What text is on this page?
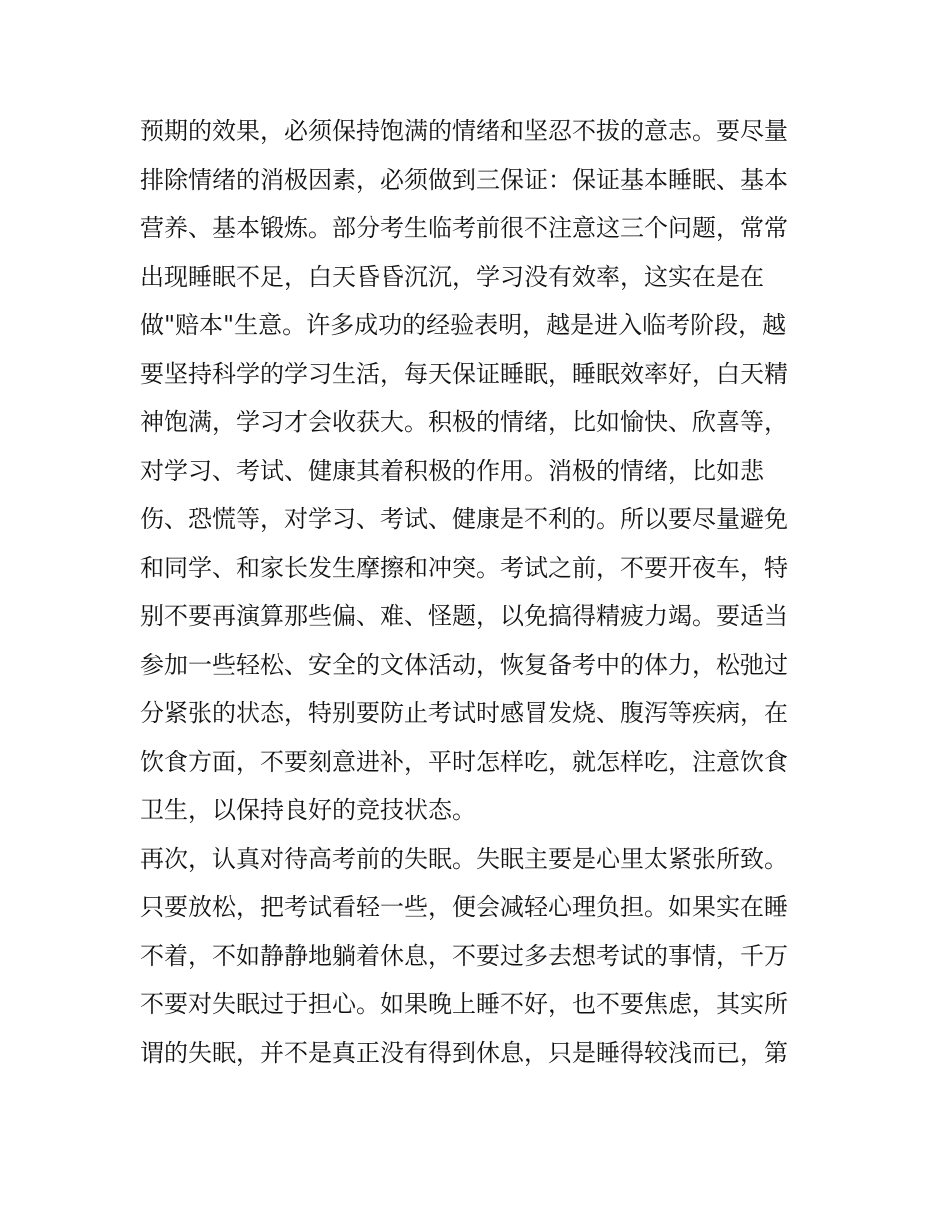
预期的效果，必须保持饱满的情绪和坚忍不拔的意志。要尽量
排除情绪的消极因素，必须做到三保证：保证基本睡眠、基本
营养、基本锻炼。部分考生临考前很不注意这三个问题，常常
出现睡眠不足，白天昏昏沉沉，学习没有效率，这实在是在
做"赔本"生意。许多成功的经验表明，越是进入临考阶段，越
要坚持科学的学习生活，每天保证睡眠，睡眠效率好，白天精
神饱满，学习才会收获大。积极的情绪，比如愉快、欣喜等，
对学习、考试、健康其着积极的作用。消极的情绪，比如悲
伤、恐慌等，对学习、考试、健康是不利的。所以要尽量避免
和同学、和家长发生摩擦和冲突。考试之前，不要开夜车，特
别不要再演算那些偏、难、怪题，以免搞得精疲力竭。要适当
参加一些轻松、安全的文体活动，恢复备考中的体力，松弛过
分紧张的状态，特别要防止考试时感冒发烧、腹泻等疾病，在
饮食方面，不要刻意进补，平时怎样吃，就怎样吃，注意饮食
卫生，以保持良好的竞技状态。
再次，认真对待高考前的失眠。失眠主要是心里太紧张所致。
只要放松，把考试看轻一些，便会减轻心理负担。如果实在睡
不着，不如静静地躺着休息，不要过多去想考试的事情，千万
不要对失眠过于担心。如果晚上睡不好，也不要焦虑，其实所
谓的失眠，并不是真正没有得到休息，只是睡得较浅而已，第
